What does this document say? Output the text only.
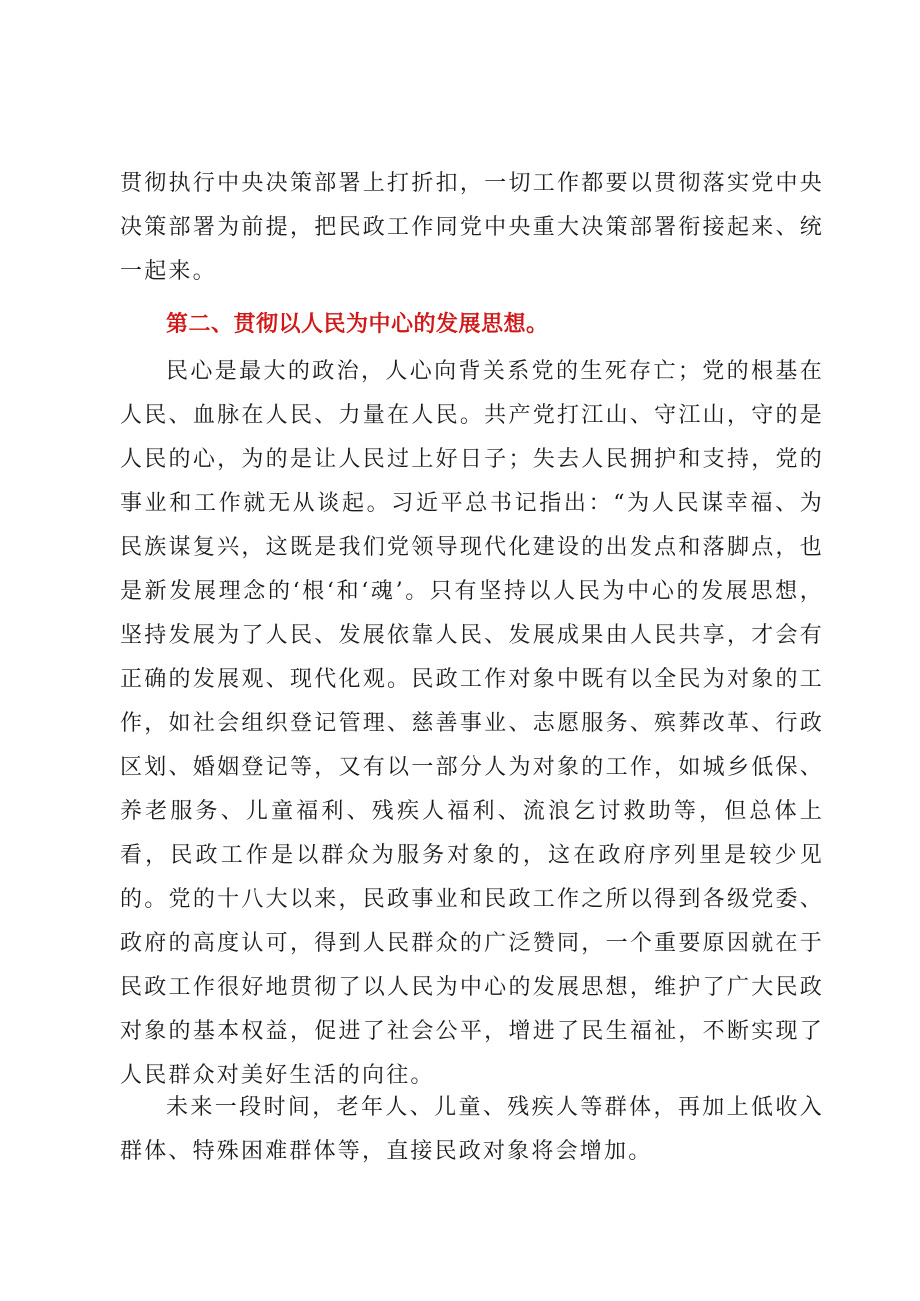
贯彻执行中央决策部署上打折扣，一切工作都要以贯彻落实党中央决策部署为前提，把民政工作同党中央重大决策部署衔接起来、统一起来。

第二、贯彻以人民为中心的发展思想。

民心是最大的政治，人心向背关系党的生死存亡；党的根基在人民、血脉在人民、力量在人民。共产党打江山、守江山，守的是人民的心，为的是让人民过上好日子；失去人民拥护和支持，党的事业和工作就无从谈起。习近平总书记指出：“为人民谋幸福、为民族谋复兴，这既是我们党领导现代化建设的出发点和落脚点，也是新发展理念的‘根‘和‘魂’。只有坚持以人民为中心的发展思想，坚持发展为了人民、发展依靠人民、发展成果由人民共享，才会有正确的发展观、现代化观。民政工作对象中既有以全民为对象的工作，如社会组织登记管理、慈善事业、志愿服务、殡葬改革、行政区划、婚姻登记等，又有以一部分人为对象的工作，如城乡低保、养老服务、儿童福利、残疾人福利、流浪乞讨救助等，但总体上看，民政工作是以群众为服务对象的，这在政府序列里是较少见的。党的十八大以来，民政事业和民政工作之所以得到各级党委、政府的高度认可，得到人民群众的广泛赞同，一个重要原因就在于民政工作很好地贯彻了以人民为中心的发展思想，维护了广大民政对象的基本权益，促进了社会公平，增进了民生福祉，不断实现了人民群众对美好生活的向往。

未来一段时间，老年人、儿童、残疾人等群体，再加上低收入群体、特殊困难群体等，直接民政对象将会增加。
